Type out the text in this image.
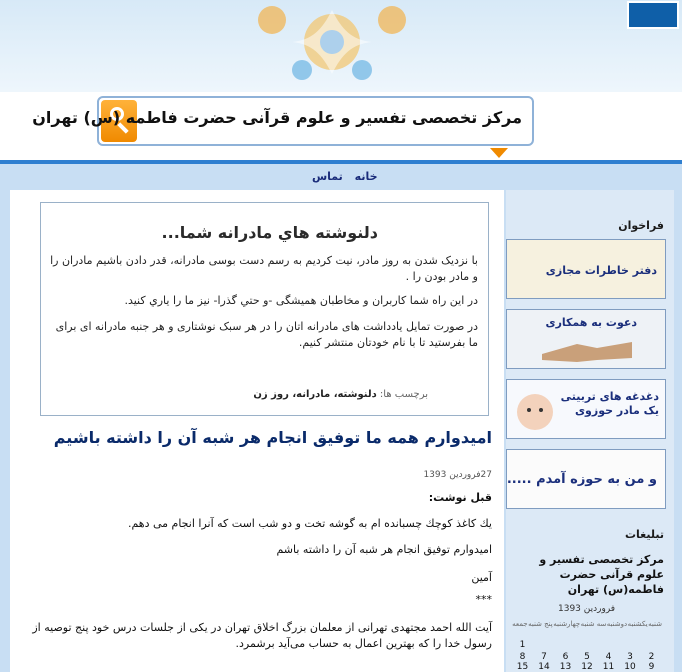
مرکز تخصصی تفسیر و علوم قرآنی حضرت فاطمه (س) تهران
خانه تماس
دلنوشته هاي مادرانه شما...
با نزدیک شدن به روز مادر، نیت کردیم به رسم دست بوسی مادرانه، قدر دادن باشیم مادران را و مادر بودن را .
در این راه شما کاربران و مخاطبان همیشگی -و حتي گذرا- نيز ما را ياري كنيد.
در صورت تمایل یادداشت های مادرانه اتان را در هر سبک نوشتاری و هر جنبه مادرانه ای برای ما بفرستید تا با نام خودتان منتشر کنیم.
برچسب ها: دلنوشته، مادرانه، روز زن
امیدوارم همه ما توفیق انجام هر شبه آن را داشته باشیم
27فروردین 1393
قبل نوشت:
یك كاغذ كوچك چسبانده ام به گوشه تخت و دو شب است که آنرا انجام می دهم.
امیدوارم توفیق انجام هر شبه آن را داشته باشم
آمین
***
آیت الله احمد مجتهدی تهرانی از معلمان بزرگ اخلاق تهران در یکی از جلسات درس خود پنج توصیه از رسول خدا را که بهترین اعمال به حساب می‌آید برشمرد.
فراخوان
دفتر خاطرات مجازی
دعوت به همکاری
دغدغه های تربیتی یک مادر حوزوی
و من به حوزه آمدم .....
تبلیغات
مرکز تخصصی تفسیر و علوم قرآنی حضرت فاطمه(س) تهران
فروردین 1393
شنبه
یکشنبه
دوشنبه
سه شنبه
چهارشنبه
پنج شنبه
جمعه
1
2
3
4
5
6
7
8
9
10
11
12
13
14
15
